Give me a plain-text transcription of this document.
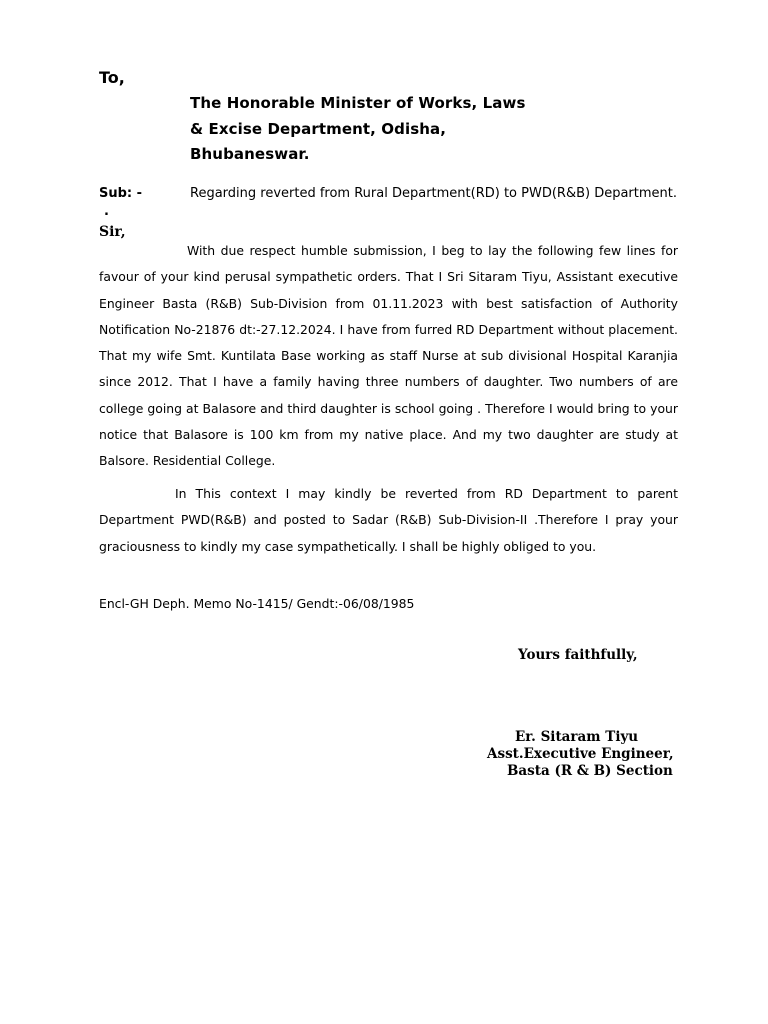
To,
The Honorable Minister of Works, Laws
& Excise Department, Odisha,
Bhubaneswar.
Sub: -	Regarding reverted from Rural Department(RD) to PWD(R&B) Department.
.
Sir,

With due respect humble submission, I beg to lay the following few lines for favour of your kind perusal sympathetic orders. That I Sri Sitaram Tiyu, Assistant executive Engineer Basta (R&B) Sub-Division from 01.11.2023 with best satisfaction of Authority Notification No-21876 dt:-27.12.2024. I have from furred RD Department without placement. That my wife Smt. Kuntilata Base working as staff Nurse at sub divisional Hospital Karanjia since 2012. That I have a family having three numbers of daughter. Two numbers of are college going at Balasore and third daughter is school going . Therefore I would bring to your notice that Balasore is 100 km from my native place. And my two daughter are study at Balsore. Residential College.

In This context I may kindly be reverted from RD Department to parent Department PWD(R&B) and posted to Sadar (R&B) Sub-Division-II .Therefore I pray your graciousness to kindly my case sympathetically. I shall be highly obliged to you.

Encl-GH Deph. Memo No-1415/ Gendt:-06/08/1985
Yours faithfully,
Er. Sitaram Tiyu
Asst.Executive Engineer,
Basta (R & B) Section
